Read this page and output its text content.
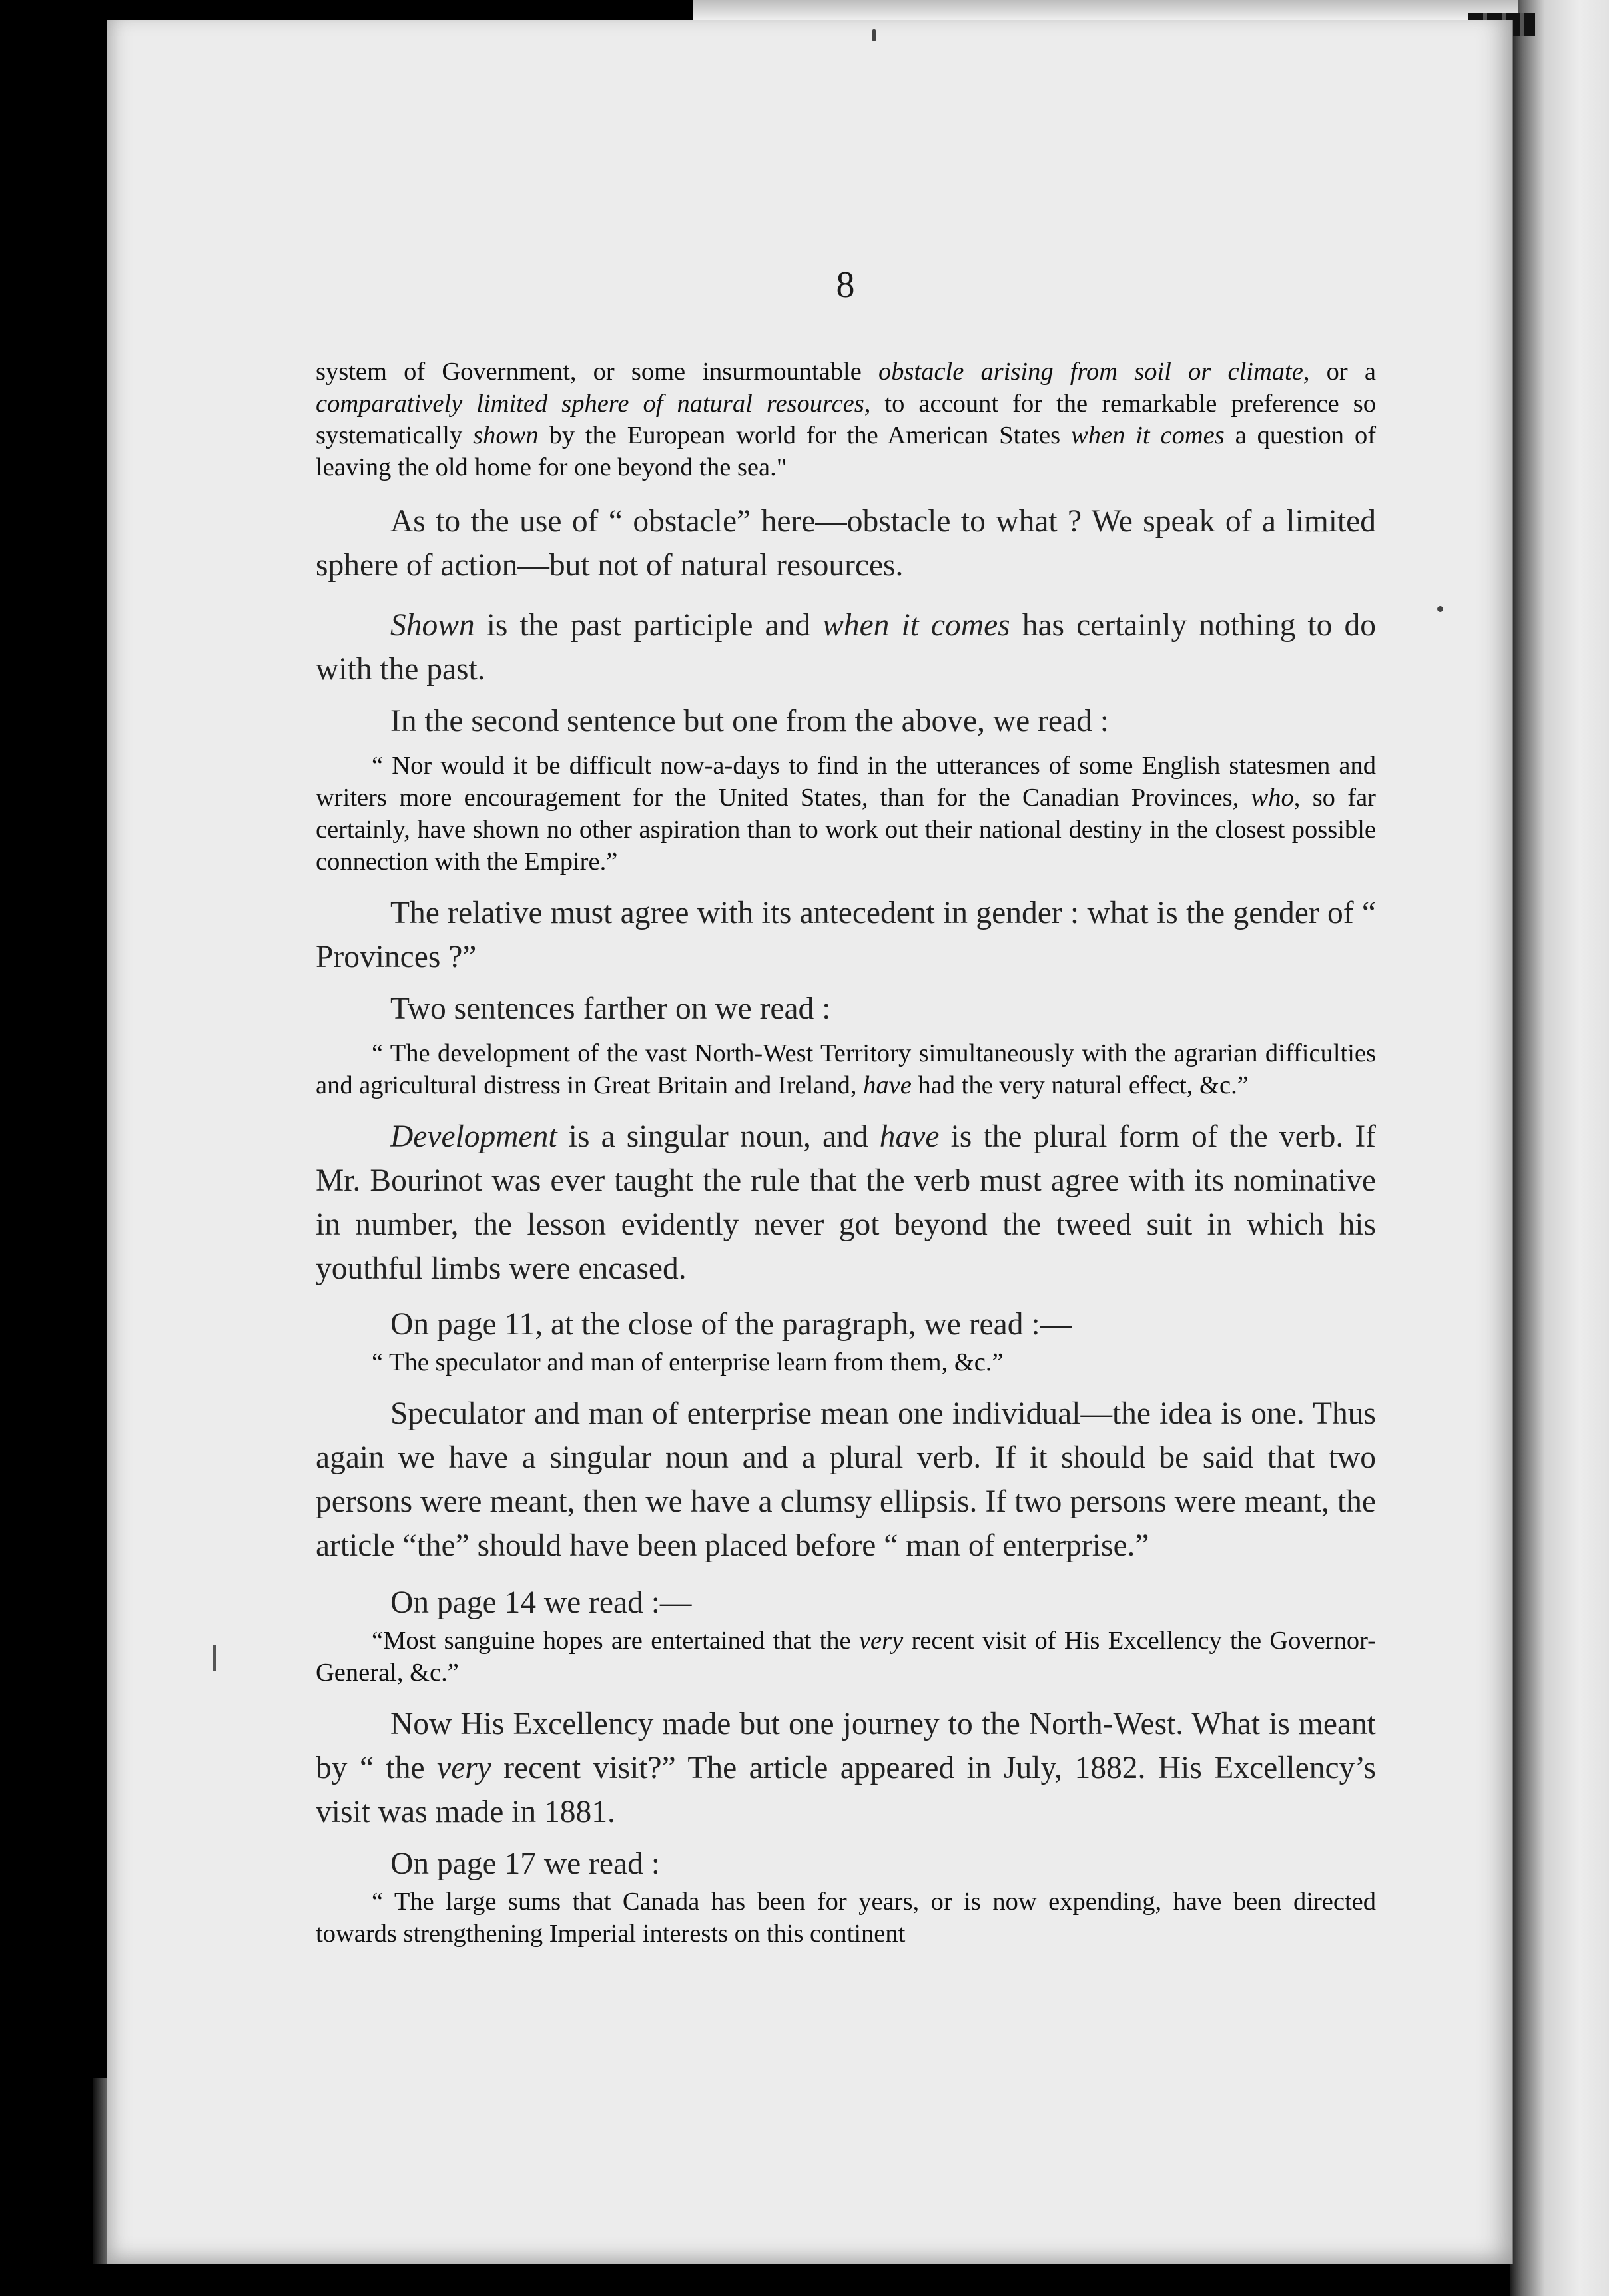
8

system of Government, or some insurmountable obstacle arising from soil or climate, or a comparatively limited sphere of natural resources, to account for the remarkable preference so systematically shown by the European world for the American States when it comes a question of leaving the old home for one beyond the sea."

As to the use of “ obstacle” here—obstacle to what ? We speak of a limited sphere of action—but not of natural resources.

Shown is the past participle and when it comes has certainly nothing to do with the past.

In the second sentence but one from the above, we read :

“ Nor would it be difficult now-a-days to find in the utterances of some English statesmen and writers more encouragement for the United States, than for the Canadian Provinces, who, so far certainly, have shown no other aspiration than to work out their national destiny in the closest possible connection with the Empire.”

The relative must agree with its antecedent in gender : what is the gender of “ Provinces ?”

Two sentences farther on we read :

“ The development of the vast North-West Territory simultaneously with the agrarian difficulties and agricultural distress in Great Britain and Ireland, have had the very natural effect, &c.”

Development is a singular noun, and have is the plural form of the verb. If Mr. Bourinot was ever taught the rule that the verb must agree with its nominative in number, the lesson evidently never got beyond the tweed suit in which his youthful limbs were encased.

On page 11, at the close of the paragraph, we read :—

“ The speculator and man of enterprise learn from them, &c.”

Speculator and man of enterprise mean one individual—the idea is one. Thus again we have a singular noun and a plural verb. If it should be said that two persons were meant, then we have a clumsy ellipsis. If two persons were meant, the article “the” should have been placed before “ man of enterprise.”

On page 14 we read :—

“Most sanguine hopes are entertained that the very recent visit of His Excellency the Governor-General, &c.”

Now His Excellency made but one journey to the North-West. What is meant by “ the very recent visit?” The article appeared in July, 1882. His Excellency’s visit was made in 1881.

On page 17 we read :

“ The large sums that Canada has been for years, or is now expending, have been directed towards strengthening Imperial interests on this continent
